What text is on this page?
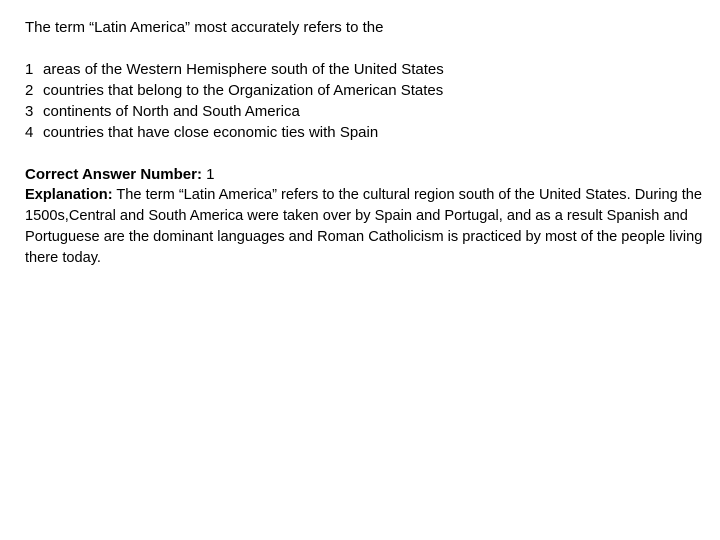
The term “Latin America” most accurately refers to the

1 areas of the Western Hemisphere south of the United States
2 countries that belong to the Organization of American States
3 continents of North and South America
4 countries that have close economic ties with Spain
Correct Answer Number: 1

Explanation: The term “Latin America” refers to the cultural region south of the United States. During the 1500s,Central and South America were taken over by Spain and Portugal, and as a result Spanish and Portuguese are the dominant languages and Roman Catholicism is practiced by most of the people living there today.
